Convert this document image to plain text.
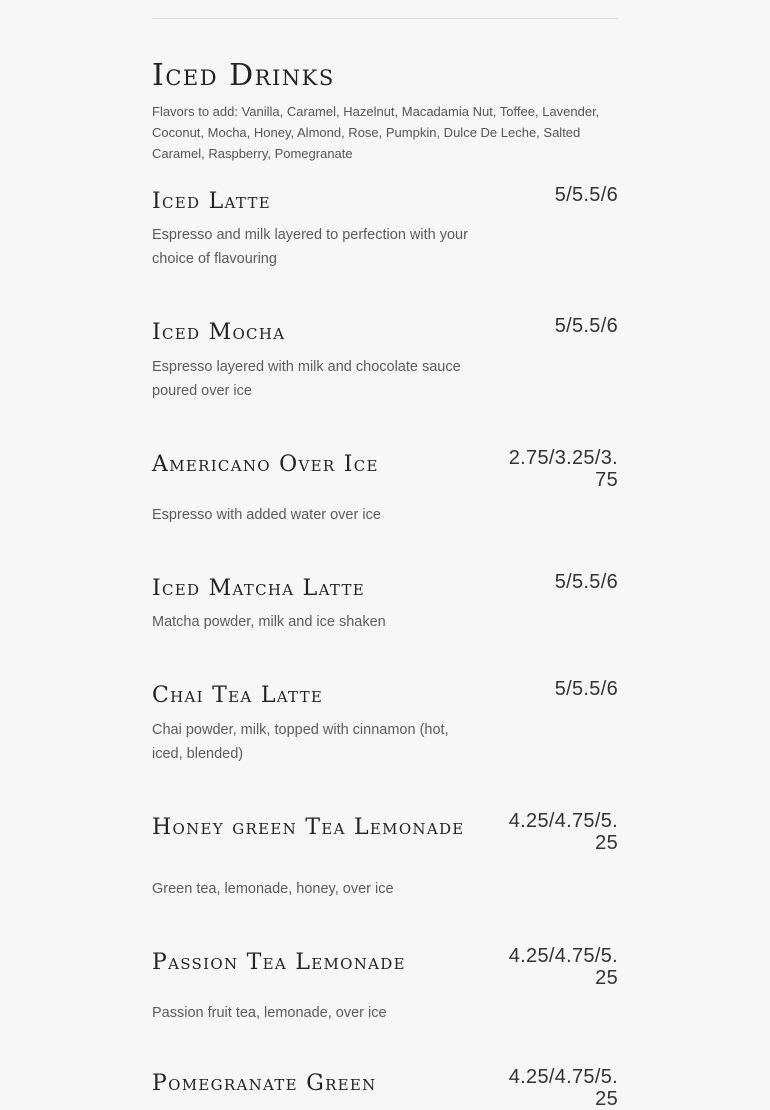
Iced Drinks

Flavors to add: Vanilla, Caramel, Hazelnut, Macadamia Nut, Toffee, Lavender, Coconut, Mocha, Honey, Almond, Rose, Pumpkin, Dulce De Leche, Salted Caramel, Raspberry, Pomegranate

Iced Latte	5/5.5/6

Espresso and milk layered to perfection with your choice of flavouring

Iced Mocha	5/5.5/6

Espresso layered with milk and chocolate sauce poured over ice

Americano Over Ice	2.75/3.25/3.75

Espresso with added water over ice

Iced Matcha Latte	5/5.5/6

Matcha powder, milk and ice shaken

Chai Tea Latte	5/5.5/6

Chai powder, milk, topped with cinnamon (hot, iced, blended)

Honey green Tea Lemonade	4.25/4.75/5.25

Green tea, lemonade, honey, over ice

Passion Tea Lemonade	4.25/4.75/5.25

Passion fruit tea, lemonade, over ice

Pomegranate Green	4.25/4.75/5.25
